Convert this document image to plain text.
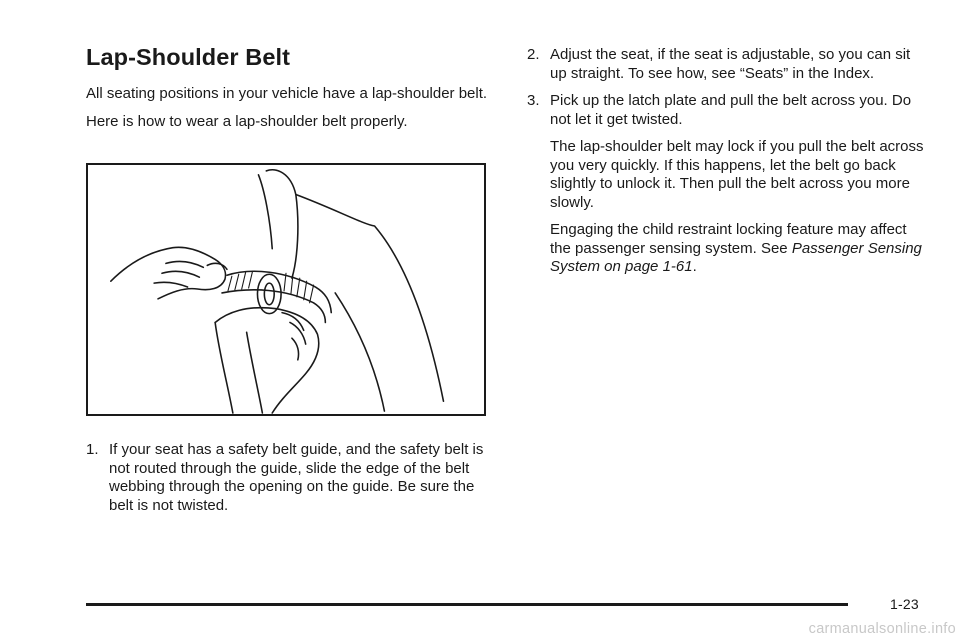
Lap-Shoulder Belt

All seating positions in your vehicle have a lap-shoulder belt.

Here is how to wear a lap-shoulder belt properly.

1. If your seat has a safety belt guide, and the safety belt is not routed through the guide, slide the edge of the belt webbing through the opening on the guide. Be sure the belt is not twisted.
2. Adjust the seat, if the seat is adjustable, so you can sit up straight. To see how, see “Seats” in the Index.
3. Pick up the latch plate and pull the belt across you. Do not let it get twisted.

The lap-shoulder belt may lock if you pull the belt across you very quickly. If this happens, let the belt go back slightly to unlock it. Then pull the belt across you more slowly.

Engaging the child restraint locking feature may affect the passenger sensing system. See Passenger Sensing System on page 1-61.

1-23
carmanualsonline.info
